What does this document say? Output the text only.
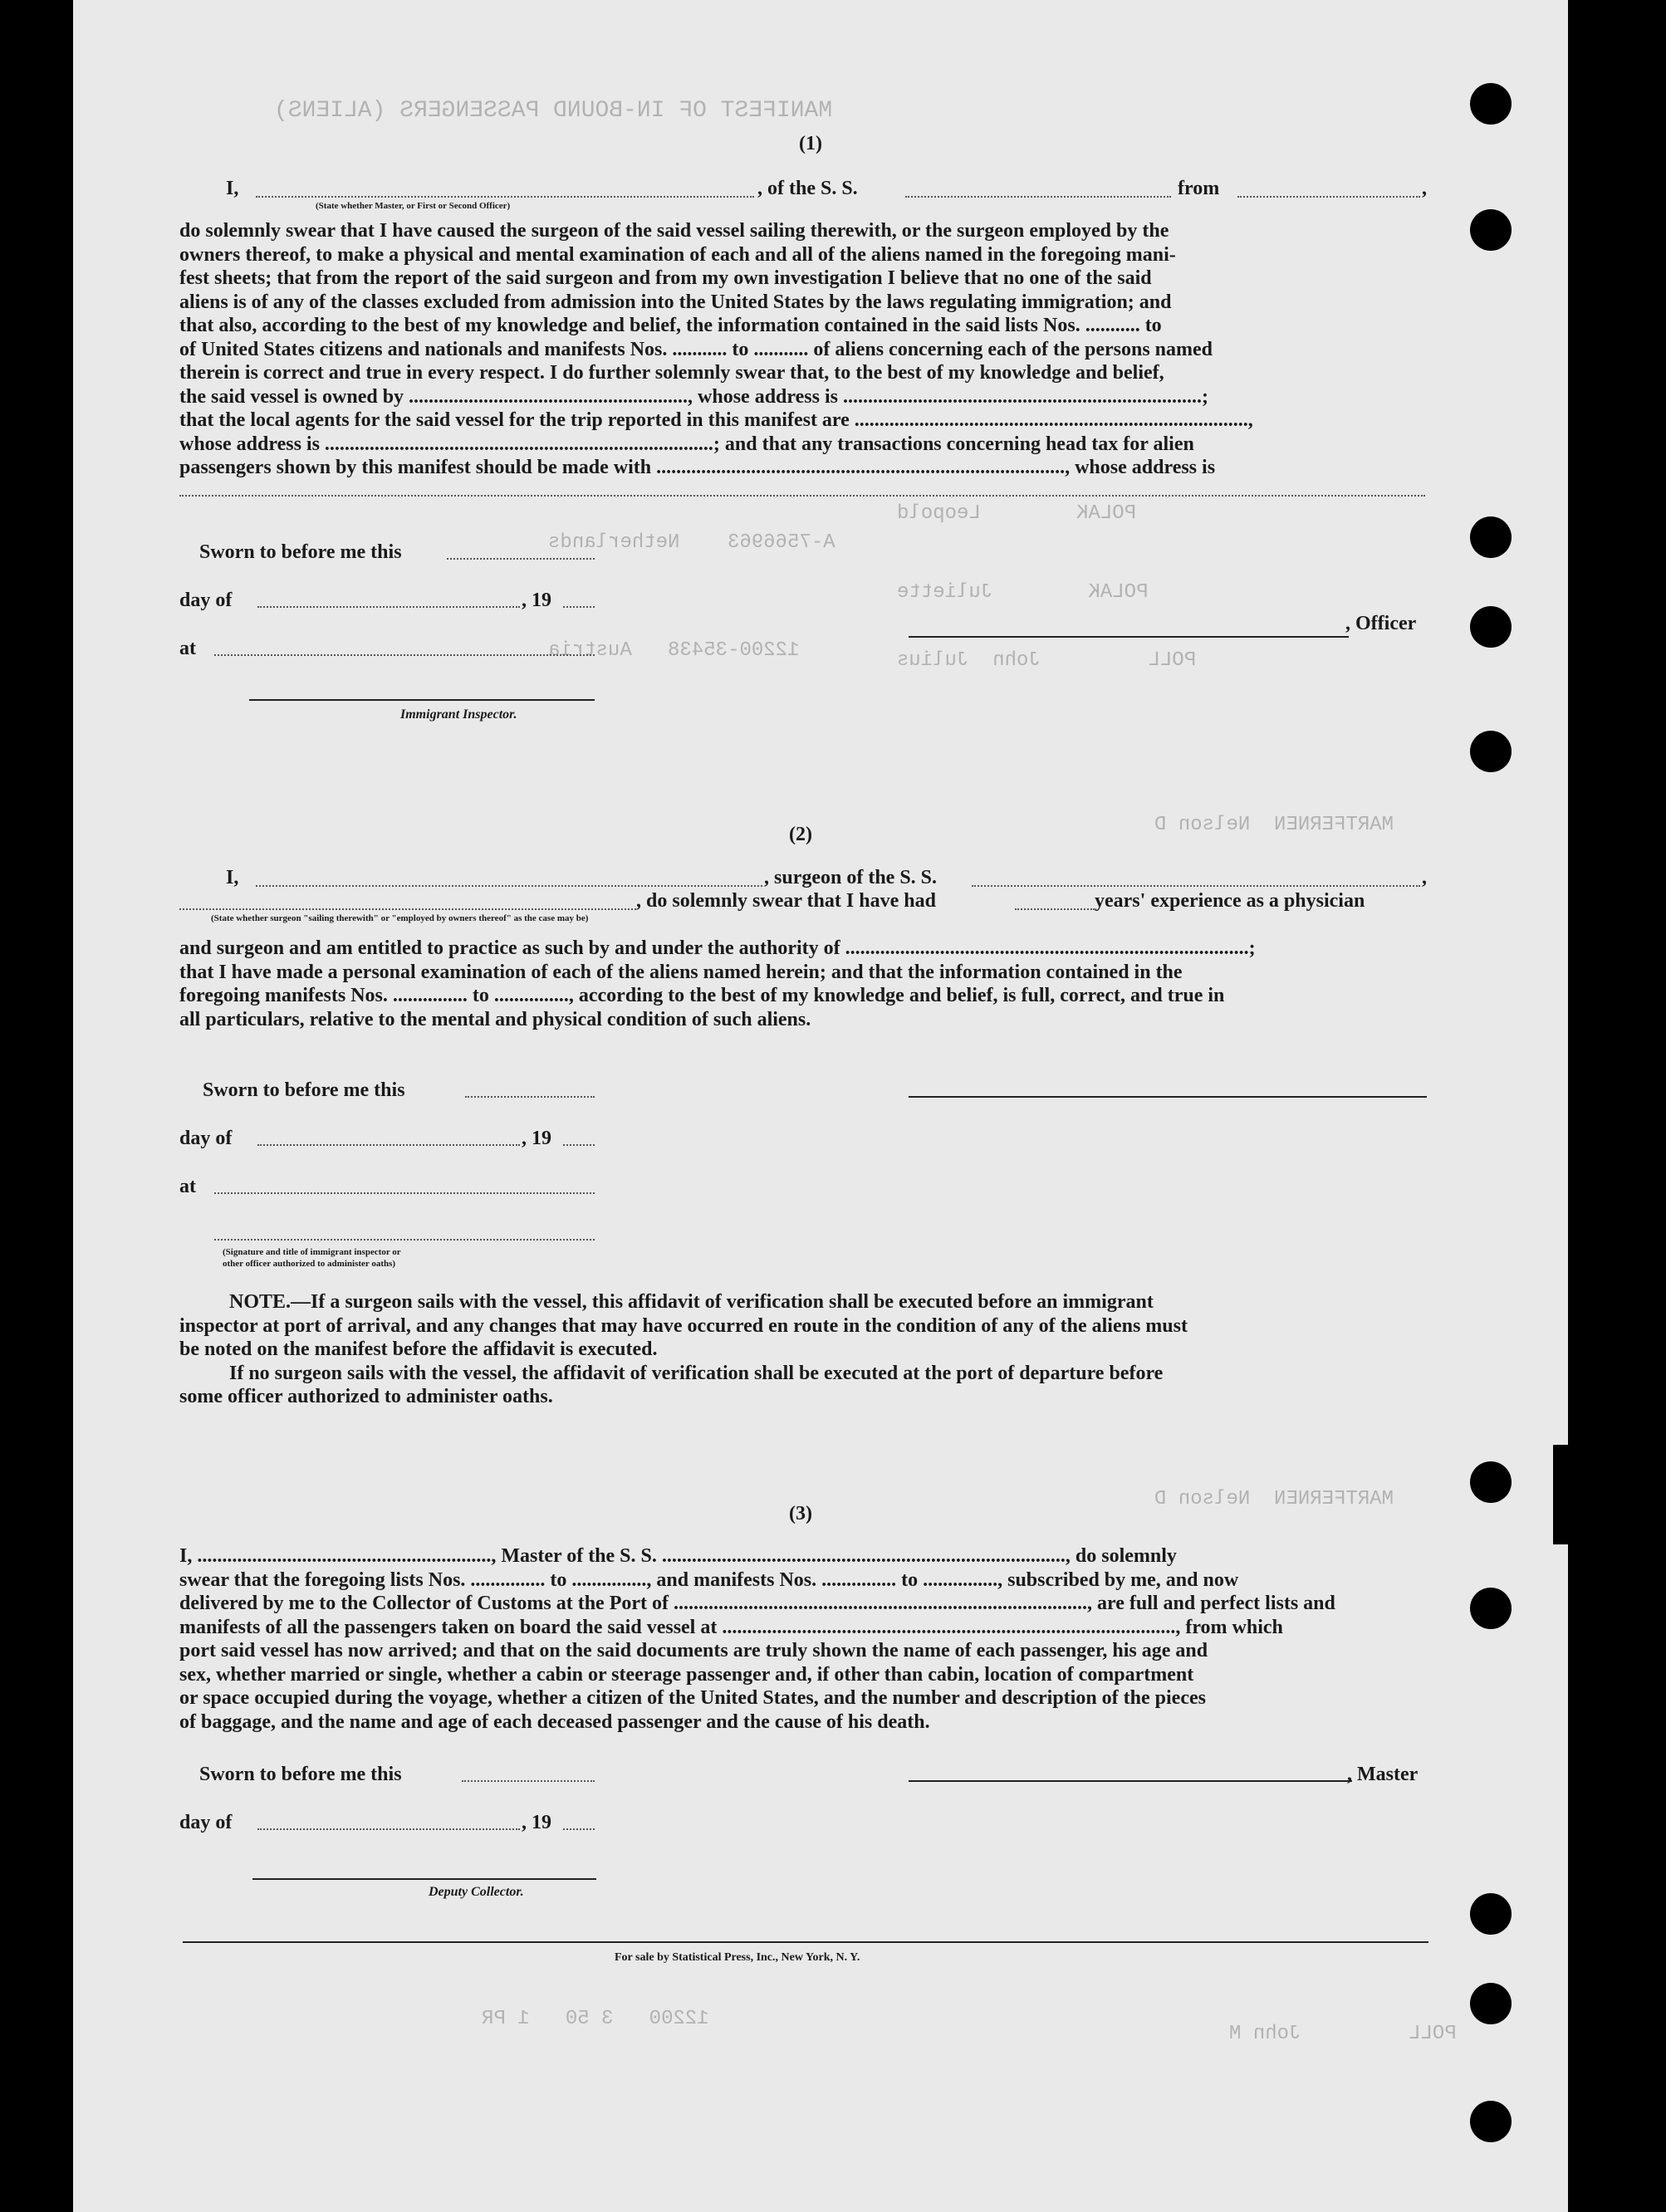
MANIFEST OF IN-BOUND PASSENGERS (ALIENS)
POLAK        Leopold
POLAK        Juliette
POLL         John  Julius
A-7566963    Netherlands
12200-35438   Austria
MARTFERNEN  Nelson D
MARTFERNEN  Nelson D
POLL         John M
12200   3 50   1 PR
(1)
I,	, of the S. S.	from	,
(State whether Master, or First or Second Officer)
do solemnly swear that I have caused the surgeon of the said vessel sailing therewith, or the surgeon employed by the
owners thereof, to make a physical and mental examination of each and all of the aliens named in the foregoing mani-
fest sheets; that from the report of the said surgeon and from my own investigation I believe that no one of the said
aliens is of any of the classes excluded from admission into the United States by the laws regulating immigration; and
that also, according to the best of my knowledge and belief, the information contained in the said lists Nos. ........... to
of United States citizens and nationals and manifests Nos. ........... to ........... of aliens concerning each of the persons named
therein is correct and true in every respect. I do further solemnly swear that, to the best of my knowledge and belief,
the said vessel is owned by ........................................................, whose address is ........................................................................;
that the local agents for the said vessel for the trip reported in this manifest are ...............................................................................,
whose address is ..............................................................................; and that any transactions concerning head tax for alien
passengers shown by this manifest should be made with .................................................................................., whose address is
Sworn to before me this
day of	, 19
at
Immigrant Inspector.
, Officer
(2)
I,	, surgeon of the S. S.	,
, do solemnly swear that I have had	years' experience as a physician
(State whether surgeon "sailing therewith" or "employed by owners thereof" as the case may be)
and surgeon and am entitled to practice as such by and under the authority of .................................................................................;
that I have made a personal examination of each of the aliens named herein; and that the information contained in the
foregoing manifests Nos. ............... to ..............., according to the best of my knowledge and belief, is full, correct, and true in
all particulars, relative to the mental and physical condition of such aliens.
Sworn to before me this
day of	, 19
at
(Signature and title of immigrant inspector or
other officer authorized to administer oaths)
NOTE.—If a surgeon sails with the vessel, this affidavit of verification shall be executed before an immigrant
inspector at port of arrival, and any changes that may have occurred en route in the condition of any of the aliens must
be noted on the manifest before the affidavit is executed.
If no surgeon sails with the vessel, the affidavit of verification shall be executed at the port of departure before
some officer authorized to administer oaths.
(3)
I, ..........................................................., Master of the S. S. ................................................................................., do solemnly
swear that the foregoing lists Nos. ............... to ..............., and manifests Nos. ............... to ..............., subscribed by me, and now
delivered by me to the Collector of Customs at the Port of ..................................................................................., are full and perfect lists and
manifests of all the passengers taken on board the said vessel at ..........................................................................................., from which
port said vessel has now arrived; and that on the said documents are truly shown the name of each passenger, his age and
sex, whether married or single, whether a cabin or steerage passenger and, if other than cabin, location of compartment
or space occupied during the voyage, whether a citizen of the United States, and the number and description of the pieces
of baggage, and the name and age of each deceased passenger and the cause of his death.
Sworn to before me this
day of	, 19
Deputy Collector.
, Master
For sale by Statistical Press, Inc., New York, N. Y.
